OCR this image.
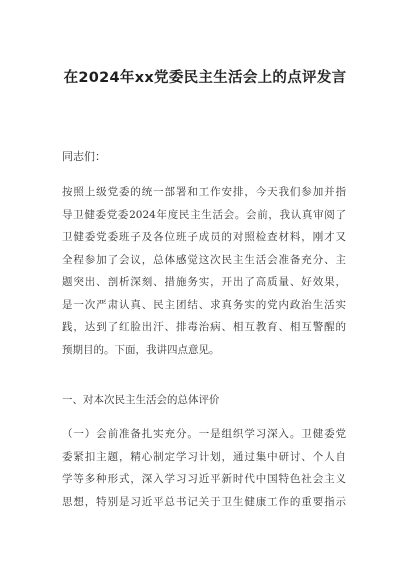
在2024年xx党委民主生活会上的点评发言
同志们：
按照上级党委的统一部署和工作安排，今天我们参加并指
导卫健委党委2024年度民主生活会。会前，我认真审阅了
卫健委党委班子及各位班子成员的对照检查材料，刚才又
全程参加了会议，总体感觉这次民主生活会准备充分、主
题突出、剖析深刻、措施务实，开出了高质量、好效果，
是一次严肃认真、民主团结、求真务实的党内政治生活实
践，达到了红脸出汗、排毒治病、相互教育、相互警醒的
预期目的。下面，我讲四点意见。
一、对本次民主生活会的总体评价
（一）会前准备扎实充分。一是组织学习深入。卫健委党
委紧扣主题，精心制定学习计划，通过集中研讨、个人自
学等多种形式，深入学习习近平新时代中国特色社会主义
思想，特别是习近平总书记关于卫生健康工作的重要指示
